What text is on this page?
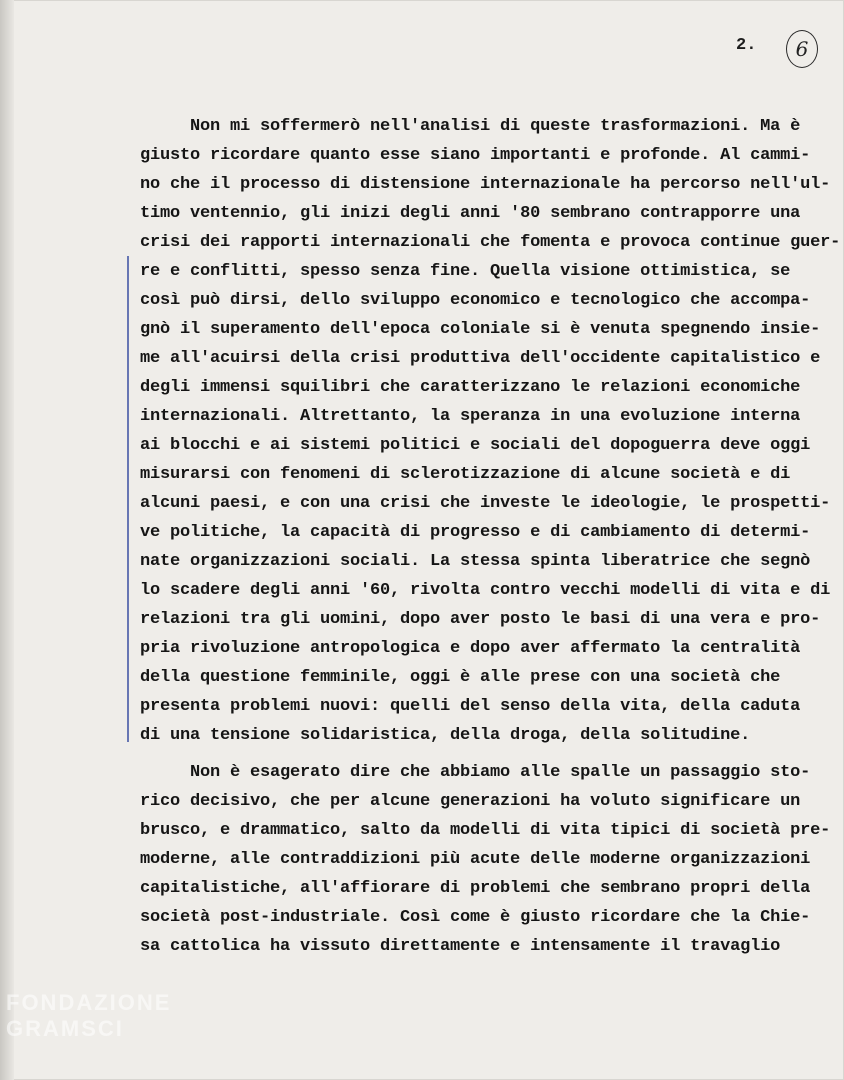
2.	6
Non mi soffermerò nell'analisi di queste trasformazioni. Ma è
giusto ricordare quanto esse siano importanti e profonde. Al cammi-
no che il processo di distensione internazionale ha percorso nell'ul-
timo ventennio, gli inizi degli anni '80 sembrano contrapporre una
crisi dei rapporti internazionali che fomenta e provoca continue guer-
re e conflitti, spesso senza fine. Quella visione ottimistica, se
così può dirsi, dello sviluppo economico e tecnologico che accompa-
gnò il superamento dell'epoca coloniale si è venuta spegnendo insie-
me all'acuirsi della crisi produttiva dell'occidente capitalistico e
degli immensi squilibri che caratterizzano le relazioni economiche
internazionali. Altrettanto, la speranza in una evoluzione interna
ai blocchi e ai sistemi politici e sociali del dopoguerra deve oggi
misurarsi con fenomeni di sclerotizzazione di alcune società e di
alcuni paesi, e con una crisi che investe le ideologie, le prospetti-
ve politiche, la capacità di progresso e di cambiamento di determi-
nate organizzazioni sociali. La stessa spinta liberatrice che segnò
lo scadere degli anni '60, rivolta contro vecchi modelli di vita e di
relazioni tra gli uomini, dopo aver posto le basi di una vera e pro-
pria rivoluzione antropologica e dopo aver affermato la centralità
della questione femminile, oggi è alle prese con una società che
presenta problemi nuovi: quelli del senso della vita, della caduta
di una tensione solidaristica, della droga, della solitudine.
Non è esagerato dire che abbiamo alle spalle un passaggio sto-
rico decisivo, che per alcune generazioni ha voluto significare un
brusco, e drammatico, salto da modelli di vita tipici di società pre-
moderne, alle contraddizioni più acute delle moderne organizzazioni
capitalistiche, all'affiorare di problemi che sembrano propri della
società post-industriale. Così come è giusto ricordare che la Chie-
sa cattolica ha vissuto direttamente e intensamente il travaglio
FONDAZIONE
GRAMSCI
